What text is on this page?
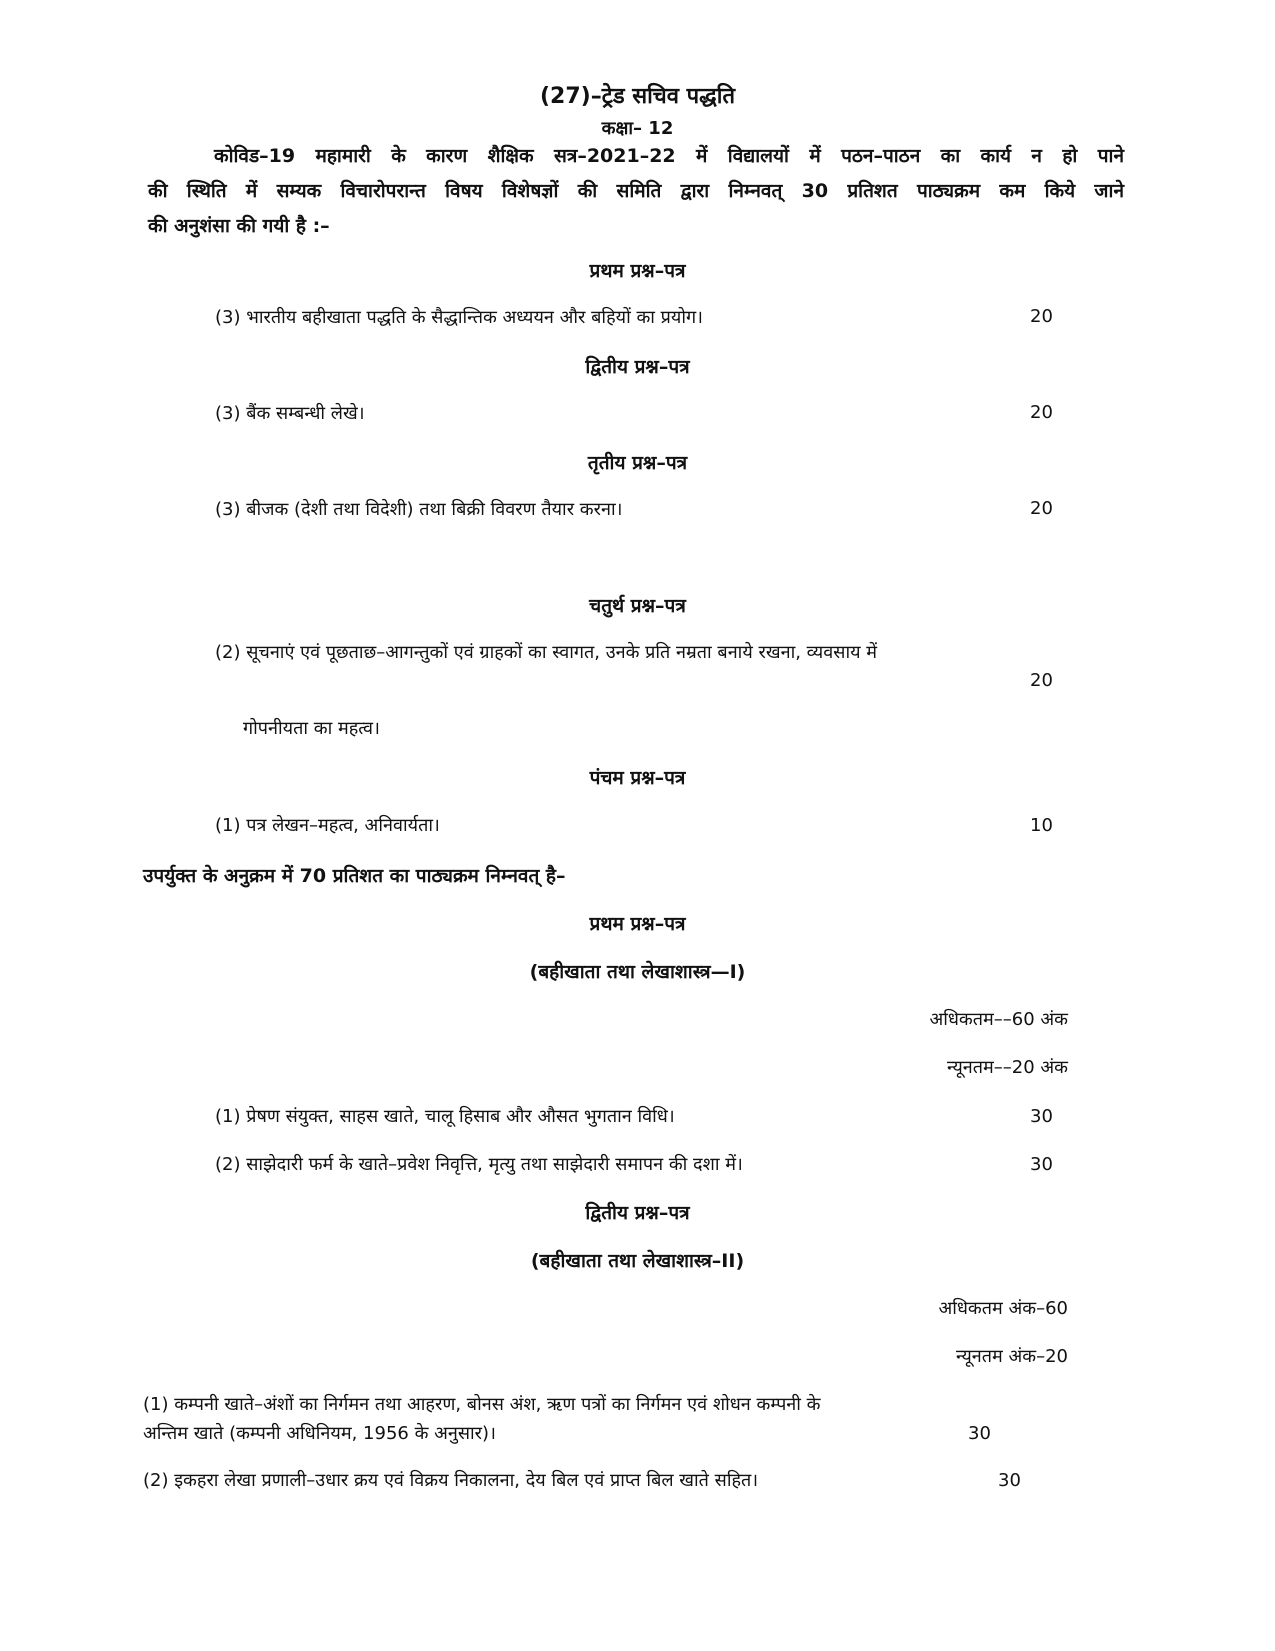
(27)–ट्रेड सचिव पद्धति
कक्षा– 12
कोविड–19 महामारी के कारण शैक्षिक सत्र–2021–22 में विद्यालयों में पठन–पाठन का कार्य न हो पाने
की स्थिति में सम्यक विचारोपरान्त विषय विशेषज्ञों की समिति द्वारा निम्नवत् 30 प्रतिशत पाठ्यक्रम कम किये जाने
की अनुशंसा की गयी है :–
प्रथम प्रश्न–पत्र
(3) भारतीय बहीखाता पद्धति के सैद्धान्तिक अध्ययन और बहियों का प्रयोग।	20
द्वितीय प्रश्न–पत्र
(3) बैंक सम्बन्धी लेखे।	20
तृतीय प्रश्न–पत्र
(3) बीजक (देशी तथा विदेशी) तथा बिक्री विवरण तैयार करना।	20
चतुर्थ प्रश्न–पत्र
(2) सूचनाएं एवं पूछताछ–आगन्तुकों एवं ग्राहकों का स्वागत, उनके प्रति नम्रता बनाये रखना, व्यवसाय में
20
गोपनीयता का महत्व।
पंचम प्रश्न–पत्र
(1) पत्र लेखन–महत्व, अनिवार्यता।	10
उपर्युक्त के अनुक्रम में 70 प्रतिशत का पाठ्यक्रम निम्नवत् है–
प्रथम प्रश्न–पत्र
(बहीखाता तथा लेखाशास्त्र—I)
अधिकतम––60 अंक
न्यूनतम––20 अंक
(1) प्रेषण संयुक्त, साहस खाते, चालू हिसाब और औसत भुगतान विधि।	30
(2) साझेदारी फर्म के खाते–प्रवेश निवृत्ति, मृत्यु तथा साझेदारी समापन की दशा में।	30
द्वितीय प्रश्न–पत्र
(बहीखाता तथा लेखाशास्त्र–II)
अधिकतम अंक–60
न्यूनतम अंक–20
(1) कम्पनी खाते–अंशों का निर्गमन तथा आहरण, बोनस अंश, ऋण पत्रों का निर्गमन एवं शोधन कम्पनी के
अन्तिम खाते (कम्पनी अधिनियम, 1956 के अनुसार)।	30
(2) इकहरा लेखा प्रणाली–उधार क्रय एवं विक्रय निकालना, देय बिल एवं प्राप्त बिल खाते सहित।	30
